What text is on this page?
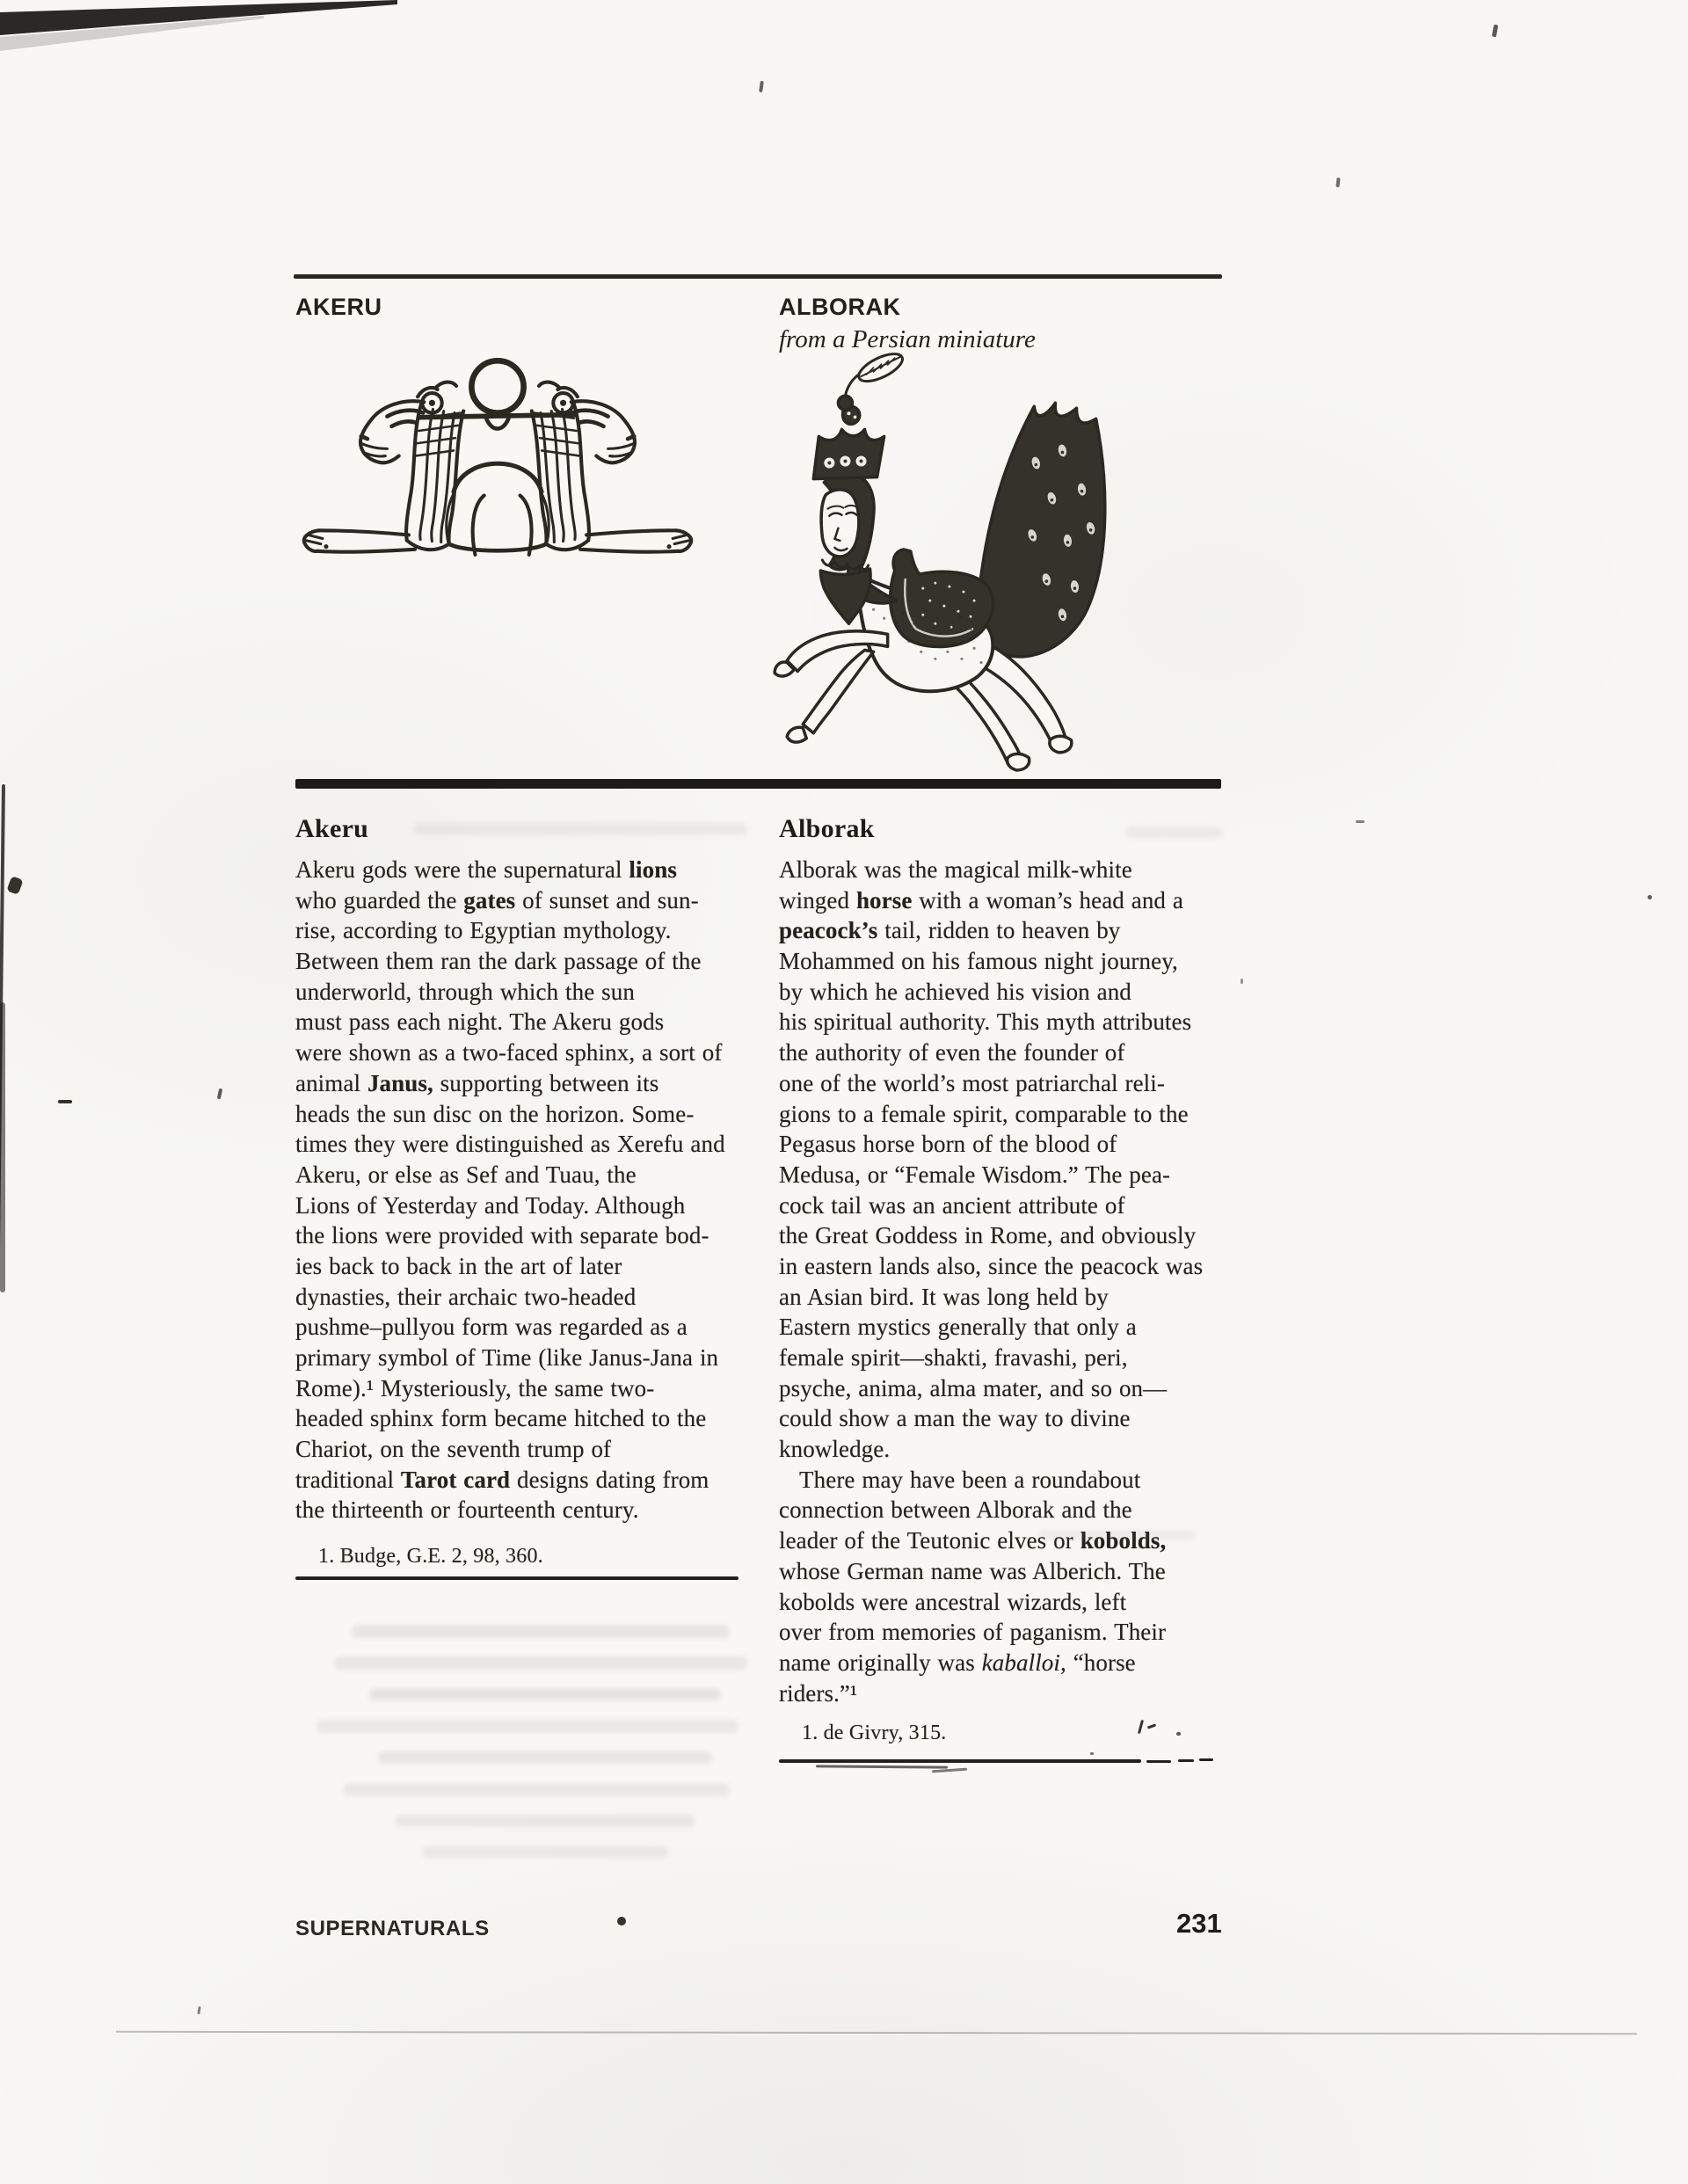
AKERU	ALBORAK
from a Persian miniature
Akeru
Akeru gods were the supernatural lions
who guarded the gates of sunset and sun-
rise, according to Egyptian mythology.
Between them ran the dark passage of the
underworld, through which the sun
must pass each night. The Akeru gods
were shown as a two-faced sphinx, a sort of
animal Janus, supporting between its
heads the sun disc on the horizon. Some-
times they were distinguished as Xerefu and
Akeru, or else as Sef and Tuau, the
Lions of Yesterday and Today. Although
the lions were provided with separate bod-
ies back to back in the art of later
dynasties, their archaic two-headed
pushme–pullyou form was regarded as a
primary symbol of Time (like Janus-Jana in
Rome).¹ Mysteriously, the same two-
headed sphinx form became hitched to the
Chariot, on the seventh trump of
traditional Tarot card designs dating from
the thirteenth or fourteenth century.
1. Budge, G.E. 2, 98, 360.
Alborak
Alborak was the magical milk-white
winged horse with a woman’s head and a
peacock’s tail, ridden to heaven by
Mohammed on his famous night journey,
by which he achieved his vision and
his spiritual authority. This myth attributes
the authority of even the founder of
one of the world’s most patriarchal reli-
gions to a female spirit, comparable to the
Pegasus horse born of the blood of
Medusa, or “Female Wisdom.” The pea-
cock tail was an ancient attribute of
the Great Goddess in Rome, and obviously
in eastern lands also, since the peacock was
an Asian bird. It was long held by
Eastern mystics generally that only a
female spirit—shakti, fravashi, peri,
psyche, anima, alma mater, and so on—
could show a man the way to divine
knowledge.
There may have been a roundabout
connection between Alborak and the
leader of the Teutonic elves or kobolds,
whose German name was Alberich. The
kobolds were ancestral wizards, left
over from memories of paganism. Their
name originally was kaballoi, “horse
riders.”¹
1. de Givry, 315.
SUPERNATURALS	231
